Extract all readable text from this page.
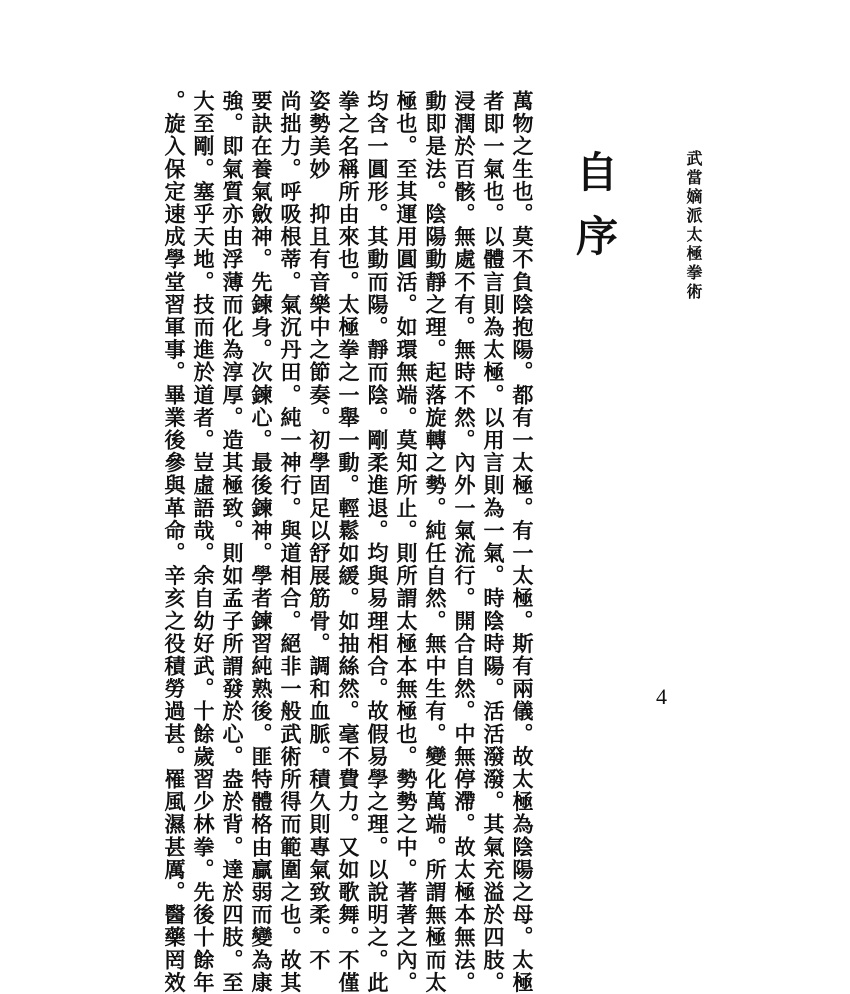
武當嫡派太極拳術
自序
萬物之生也。莫不負陰抱陽。都有一太極。有一太極。斯有兩儀。故太極為陰陽之母。太極
者即一氣也。以體言則為太極。以用言則為一氣。時陰時陽。活活潑潑。其氣充溢於四肢。
浸潤於百骸。無處不有。無時不然。內外一氣流行。開合自然。中無停滯。故太極本無法。
動即是法。陰陽動靜之理。起落旋轉之勢。純任自然。無中生有。變化萬端。所謂無極而太
極也。至其運用圓活。如環無端。莫知所止。則所謂太極本無極也。勢勢之中。著著之內。
均含一圓形。其動而陽。靜而陰。剛柔進退。均與易理相合。故假易學之理。以說明之。此
拳之名稱所由來也。太極拳之一舉一動。輕鬆如緩。如抽絲然。毫不費力。又如歌舞。不僅
姿勢美妙　抑且有音樂中之節奏。初學固足以舒展筋骨。調和血脈。積久則專氣致柔。不
尚拙力。呼吸根蒂。氣沉丹田。純一神行。與道相合。絕非一般武術所得而範圍之也。故其
要訣在養氣斂神。先鍊身。次鍊心。最後鍊神。學者鍊習純熟後。匪特體格由贏弱而變為康
強。即氣質亦由浮薄而化為淳厚。造其極致。則如孟子所謂發於心。盎於背。達於四肢。至
大至剛。塞乎天地。技而進於道者。豈虛語哉。余自幼好武。十餘歲習少林拳。先後十餘年
。旋入保定速成學堂習軍事。畢業後參與革命。辛亥之役積勞過甚。罹風濕甚厲。醫藥罔效	4
